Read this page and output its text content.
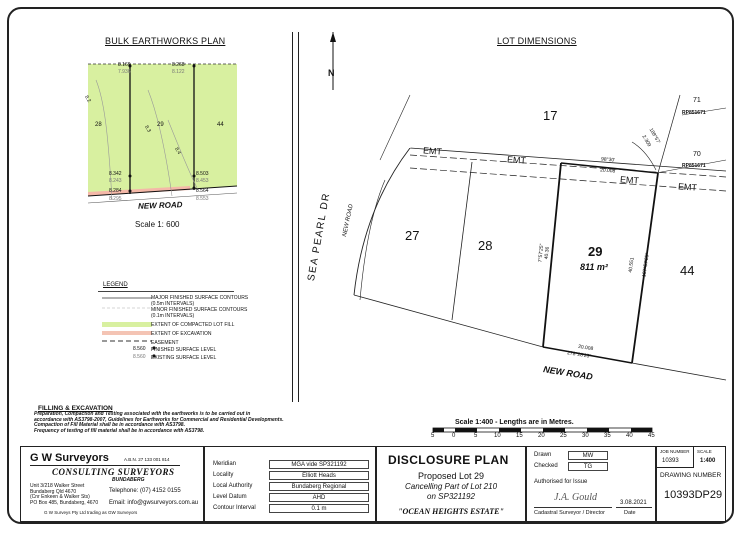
BULK EARTHWORKS PLAN
8.169
7.936
8.268
8.122
8.342
8.243
8.503
8.453
8.284
8.295
8.564
8.553
28	29	44
8.2
8.3
8.4
NEW ROAD
Scale 1: 600
LEGEND
MAJOR FINISHED SURFACE CONTOURS (0.5m INTERVALS)
MINOR FINISHED SURFACE CONTOURS (0.1m INTERVALS)
EXTENT OF COMPACTED LOT FILL
EXTENT OF EXCAVATION
EASEMENT
8.560 FINISHED SURFACE LEVEL
8.560 EXISTING SURFACE LEVEL
FILLING & EXCAVATION
Preparation, Compaction and Testing associated with the earthworks is to be carried out in
accordance with AS3798-2007, Guidelines for Earthworks for Commercial and Residential Developments.
Compaction of Fill Material shall be in accordance with AS3798.
Frequency of testing of fill material shall be in accordance with AS3798.
LOT DIMENSIONS
N
17
27
28
44
71
RP851671
70
RP851671
EMT
EMT
EMT
EMT
SEA PEARL DR NEW ROAD
29
811 m²
98°30'
20.008
20.008
278°28'25"
7°57'25"
40.36
40.551 187°57'25"
188°57'
2.309
NEW ROAD
Scale 1:400 - Lengths are in Metres.
5	0	5	10	15	20	25	30	35	40	45
G W Surveyors	A.B.N. 27 133 001 814
CONSULTING SURVEYORS
BUNDABERG
Unit 3/218 Walker Street
Bundaberg Qld 4670
(Cnr Enkeen & Walker Sts)
PO Box 485, Bundaberg, 4670
Telephone: (07) 4152 0155
Email: info@gwsurveyors.com.au
G W Surveys Pty Ltd trading as GW Surveyors
Meridian	MGA vide SP321192
Locality	Elliott Heads
Local Authority	Bundaberg Regional
Level Datum	AHD
Contour Interval	0.1 m
DISCLOSURE PLAN
Proposed Lot 29
Cancelling Part of Lot 210
on SP321192
"OCEAN HEIGHTS ESTATE"
Drawn	MW
Checked	TG
Authorised for Issue
J.A. Gould	3.08.2021
Cadastral Surveyor / Director	Date
JOB NUMBER
10393
SCALE
1:400
DRAWING NUMBER
10393DP29
